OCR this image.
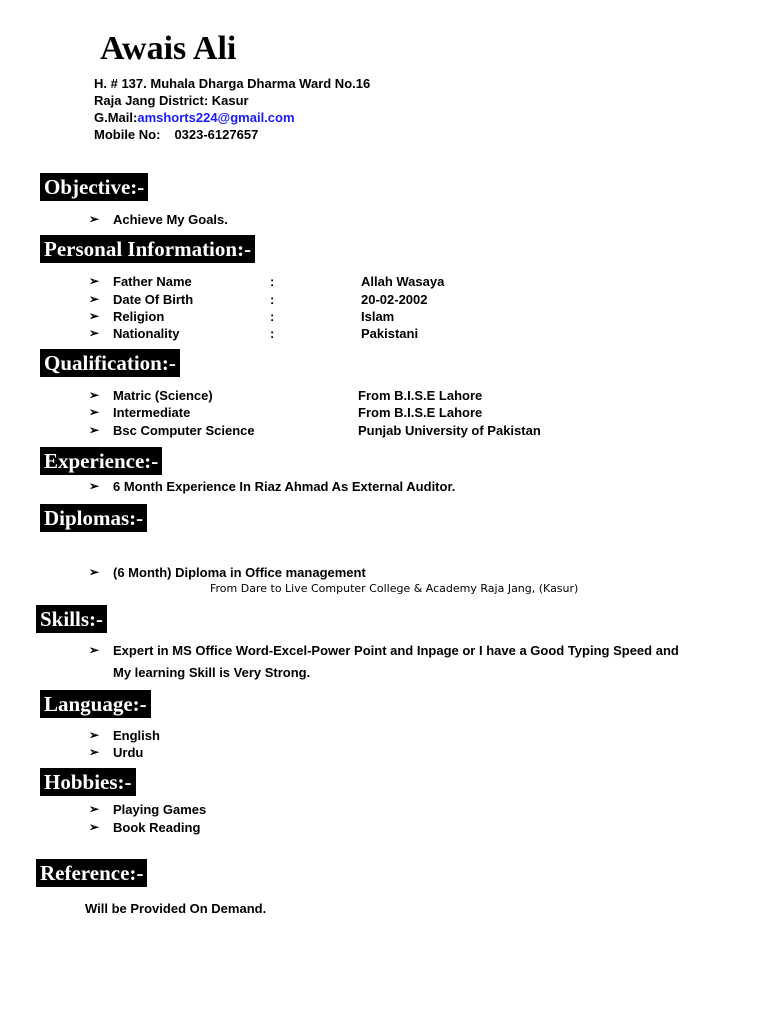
Awais Ali
H. # 137. Muhala Dharga Dharma Ward No.16
Raja Jang District: Kasur
G.Mail:amshorts224@gmail.com
Mobile No: 0323-6127657
Objective:-
➢ Achieve My Goals.
Personal Information:-
➢ Father Name	:	Allah Wasaya
➢ Date Of Birth	:	20-02-2002
➢ Religion	:	Islam
➢ Nationality	:	Pakistani
Qualification:-
➢ Matric (Science)	From B.I.S.E Lahore
➢ Intermediate	From B.I.S.E Lahore
➢ Bsc Computer Science	Punjab University of Pakistan
Experience:-
➢ 6 Month Experience In Riaz Ahmad As External Auditor.
Diplomas:-
➢ (6 Month) Diploma in Office management
From Dare to Live Computer College & Academy Raja Jang, (Kasur)
Skills:-
➢ Expert in MS Office Word-Excel-Power Point and Inpage or I have a Good Typing Speed and
My learning Skill is Very Strong.
Language:-
➢ English
➢ Urdu
Hobbies:-
➢ Playing Games
➢ Book Reading
Reference:-
Will be Provided On Demand.
